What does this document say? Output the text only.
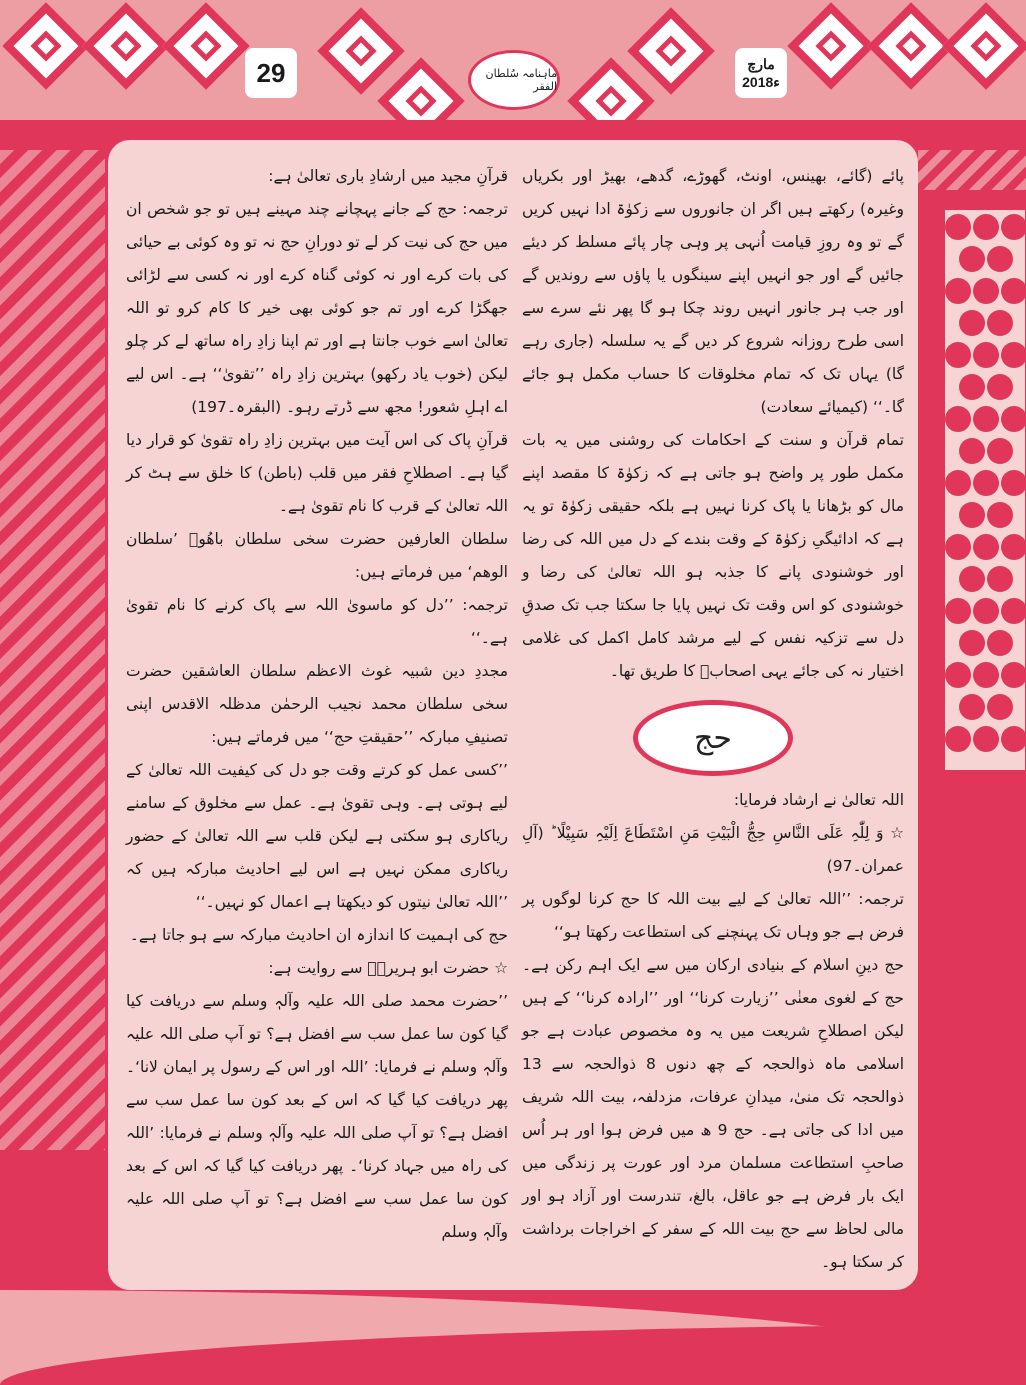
29	ماہنامہ سُلطان الفقر
مارچ
2018ء

پائے (گائے، بھینس، اونٹ، گھوڑے، گدھے، بھیڑ اور بکریاں وغیرہ) رکھتے ہیں اگر ان جانوروں سے زکوٰۃ ادا نہیں کریں گے تو وہ روزِ قیامت اُنہی پر وہی چار پائے مسلط کر دیئے جائیں گے اور جو انہیں اپنے سینگوں یا پاؤں سے روندیں گے اور جب ہر جانور انہیں روند چکا ہو گا پھر نئے سرے سے اسی طرح روزانہ شروع کر دیں گے یہ سلسلہ (جاری رہے گا) یہاں تک کہ تمام مخلوقات کا حساب مکمل ہو جائے گا۔‘‘ (کیمیائے سعادت)

تمام قرآن و سنت کے احکامات کی روشنی میں یہ بات مکمل طور پر واضح ہو جاتی ہے کہ زکوٰۃ کا مقصد اپنے مال کو بڑھانا یا پاک کرنا نہیں ہے بلکہ حقیقی زکوٰۃ تو یہ ہے کہ ادائیگیِ زکوٰۃ کے وقت بندے کے دل میں اللہ کی رضا اور خوشنودی پانے کا جذبہ ہو اللہ تعالیٰ کی رضا و خوشنودی کو اس وقت تک نہیں پایا جا سکتا جب تک صدقِ دل سے تزکیہ نفس کے لیے مرشد کامل اکمل کی غلامی اختیار نہ کی جائے یہی اصحابؓ کا طریق تھا۔

حج

اللہ تعالیٰ نے ارشاد فرمایا:

☆ وَ لِلّٰہِ عَلَی النَّاسِ حِجُّ الْبَیْتِ مَنِ اسْتَطَاعَ اِلَیْہِ سَبِیْلًا ؕ (آلِ عمران۔97)

ترجمہ: ’’اللہ تعالیٰ کے لیے بیت اللہ کا حج کرنا لوگوں پر فرض ہے جو وہاں تک پہنچنے کی استطاعت رکھتا ہو‘‘

حج دینِ اسلام کے بنیادی ارکان میں سے ایک اہم رکن ہے۔ حج کے لغوی معنٰی ’’زیارت کرنا‘‘ اور ’’ارادہ کرنا‘‘ کے ہیں لیکن اصطلاحِ شریعت میں یہ وہ مخصوص عبادت ہے جو اسلامی ماہ ذوالحجہ کے چھ دنوں 8 ذوالحجہ سے 13 ذوالحجہ تک منیٰ، میدانِ عرفات، مزدلفہ، بیت اللہ شریف میں ادا کی جاتی ہے۔ حج 9 ھ میں فرض ہوا اور ہر اُس صاحبِ استطاعت مسلمان مرد اور عورت پر زندگی میں ایک بار فرض ہے جو عاقل، بالغ، تندرست اور آزاد ہو اور مالی لحاظ سے حج بیت اللہ کے سفر کے اخراجات برداشت کر سکتا ہو۔

قرآنِ مجید میں ارشادِ باری تعالیٰ ہے:

ترجمہ: حج کے جانے پہچانے چند مہینے ہیں تو جو شخص ان میں حج کی نیت کر لے تو دورانِ حج نہ تو وہ کوئی بے حیائی کی بات کرے اور نہ کوئی گناہ کرے اور نہ کسی سے لڑائی جھگڑا کرے اور تم جو کوئی بھی خیر کا کام کرو تو اللہ تعالیٰ اسے خوب جانتا ہے اور تم اپنا زادِ راہ ساتھ لے کر چلو لیکن (خوب یاد رکھو) بہترین زادِ راہ ’’تقویٰ‘‘ ہے۔ اس لیے اے اہلِ شعور! مجھ سے ڈرتے رہو۔ (البقرہ۔197)

قرآنِ پاک کی اس آیت میں بہترین زادِ راہ تقویٰ کو قرار دیا گیا ہے۔ اصطلاحِ فقر میں قلب (باطن) کا خلق سے ہٹ کر اللہ تعالیٰ کے قرب کا نام تقویٰ ہے۔

سلطان العارفین حضرت سخی سلطان باھُوؒ ’سلطان الوھم‘ میں فرماتے ہیں:

ترجمہ: ’’دل کو ماسویٰ اللہ سے پاک کرنے کا نام تقویٰ ہے۔‘‘

مجددِ دین شبیہ غوث الاعظم سلطان العاشقین حضرت سخی سلطان محمد نجیب الرحمٰن مدظلہ الاقدس اپنی تصنیفِ مبارکہ ’’حقیقتِ حج‘‘ میں فرماتے ہیں:

’’کسی عمل کو کرتے وقت جو دل کی کیفیت اللہ تعالیٰ کے لیے ہوتی ہے۔ وہی تقویٰ ہے۔ عمل سے مخلوق کے سامنے ریاکاری ہو سکتی ہے لیکن قلب سے اللہ تعالیٰ کے حضور ریاکاری ممکن نہیں ہے اس لیے احادیث مبارکہ ہیں کہ ’’اللہ تعالیٰ نیتوں کو دیکھتا ہے اعمال کو نہیں۔‘‘

حج کی اہمیت کا اندازہ ان احادیث مبارکہ سے ہو جاتا ہے۔

☆ حضرت ابو ہریرہؓ سے روایت ہے:

’’حضرت محمد صلی اللہ علیہ وآلہٖ وسلم سے دریافت کیا گیا کون سا عمل سب سے افضل ہے؟ تو آپ صلی اللہ علیہ وآلہٖ وسلم نے فرمایا: ’اللہ اور اس کے رسول پر ایمان لانا‘۔ پھر دریافت کیا گیا کہ اس کے بعد کون سا عمل سب سے افضل ہے؟ تو آپ صلی اللہ علیہ وآلہٖ وسلم نے فرمایا: ’اللہ کی راہ میں جہاد کرنا‘۔ پھر دریافت کیا گیا کہ اس کے بعد کون سا عمل سب سے افضل ہے؟ تو آپ صلی اللہ علیہ وآلہٖ وسلم
